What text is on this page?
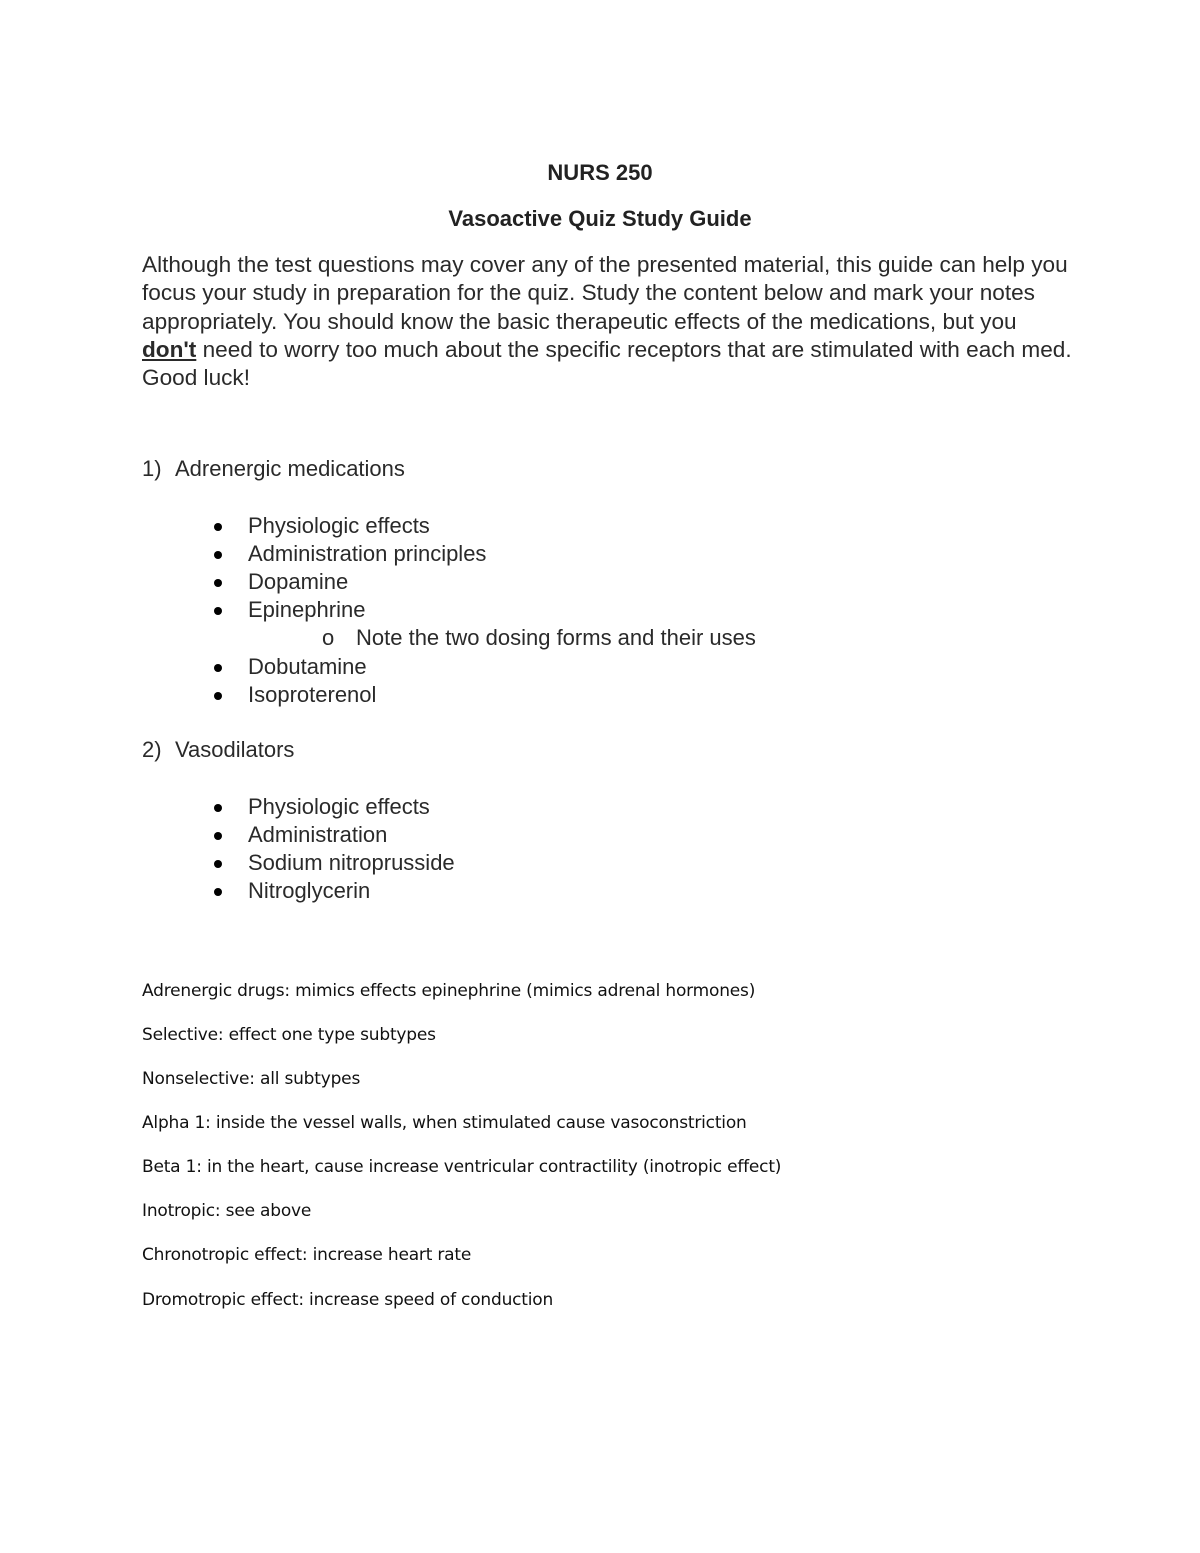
NURS 250
Vasoactive Quiz Study Guide

Although the test questions may cover any of the presented material, this guide can help you focus your study in preparation for the quiz. Study the content below and mark your notes appropriately. You should know the basic therapeutic effects of the medications, but you don't need to worry too much about the specific receptors that are stimulated with each med. Good luck!

1) Adrenergic medications

Physiologic effects
Administration principles
Dopamine
Epinephrine
o Note the two dosing forms and their uses
Dobutamine
Isoproterenol

2) Vasodilators

Physiologic effects
Administration
Sodium nitroprusside
Nitroglycerin

Adrenergic drugs: mimics effects epinephrine (mimics adrenal hormones)

Selective: effect one type subtypes

Nonselective: all subtypes

Alpha 1: inside the vessel walls, when stimulated cause vasoconstriction

Beta 1: in the heart, cause increase ventricular contractility (inotropic effect)

Inotropic: see above

Chronotropic effect: increase heart rate

Dromotropic effect: increase speed of conduction
